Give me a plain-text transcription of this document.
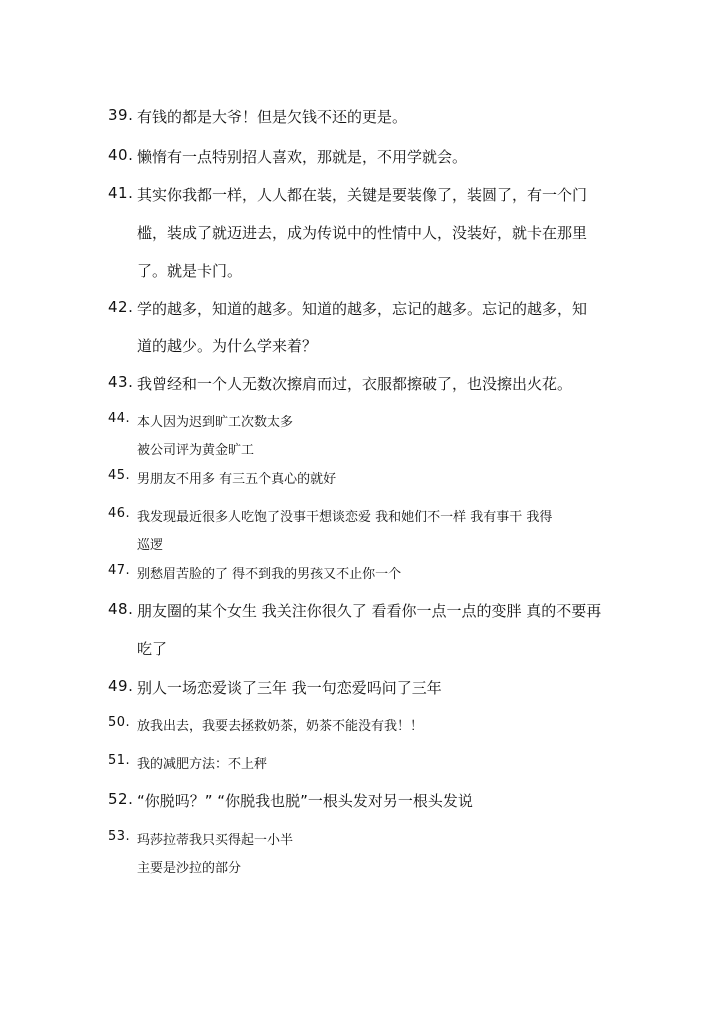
39. 有钱的都是大爷！但是欠钱不还的更是。
40. 懒惰有一点特别招人喜欢，那就是，不用学就会。
41. 其实你我都一样，人人都在装，关键是要装像了，装圆了，有一个门
槛，装成了就迈进去，成为传说中的性情中人，没装好，就卡在那里
了。就是卡门。
42. 学的越多，知道的越多。知道的越多，忘记的越多。忘记的越多，知
道的越少。为什么学来着？
43. 我曾经和一个人无数次擦肩而过，衣服都擦破了，也没擦出火花。
44. 本人因为迟到旷工次数太多
被公司评为黄金旷工
45. 男朋友不用多 有三五个真心的就好
46. 我发现最近很多人吃饱了没事干想谈恋爱 我和她们不一样 我有事干 我得
巡逻
47. 别愁眉苦脸的了 得不到我的男孩又不止你一个
48. 朋友圈的某个女生 我关注你很久了 看看你一点一点的变胖 真的不要再
吃了
49. 别人一场恋爱谈了三年 我一句恋爱吗问了三年
50. 放我出去，我要去拯救奶茶，奶茶不能没有我！！
51. 我的减肥方法：不上秤
52. “你脱吗？” “你脱我也脱”一根头发对另一根头发说
53. 玛莎拉蒂我只买得起一小半
主要是沙拉的部分
